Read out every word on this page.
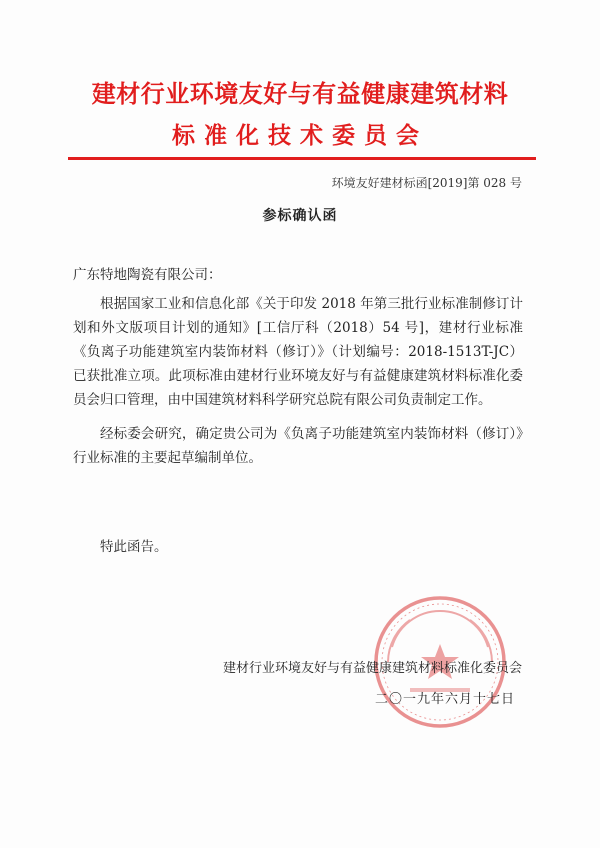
建材行业环境友好与有益健康建筑材料
标准化技术委员会
环境友好建材标函[2019]第 028 号
参标确认函
广东特地陶瓷有限公司：

根据国家工业和信息化部《关于印发 2018 年第三批行业标准制修订计划和外文版项目计划的通知》[工信厅科（2018）54 号]，建材行业标准《负离子功能建筑室内装饰材料（修订）》（计划编号：2018-1513T-JC）已获批准立项。此项标准由建材行业环境友好与有益健康建筑材料标准化委员会归口管理，由中国建筑材料科学研究总院有限公司负责制定工作。

经标委会研究，确定贵公司为《负离子功能建筑室内装饰材料（修订）》行业标准的主要起草编制单位。

特此函告。
建材行业环境友好与有益健康建筑材料标准化委员会
二〇一九年六月十七日
